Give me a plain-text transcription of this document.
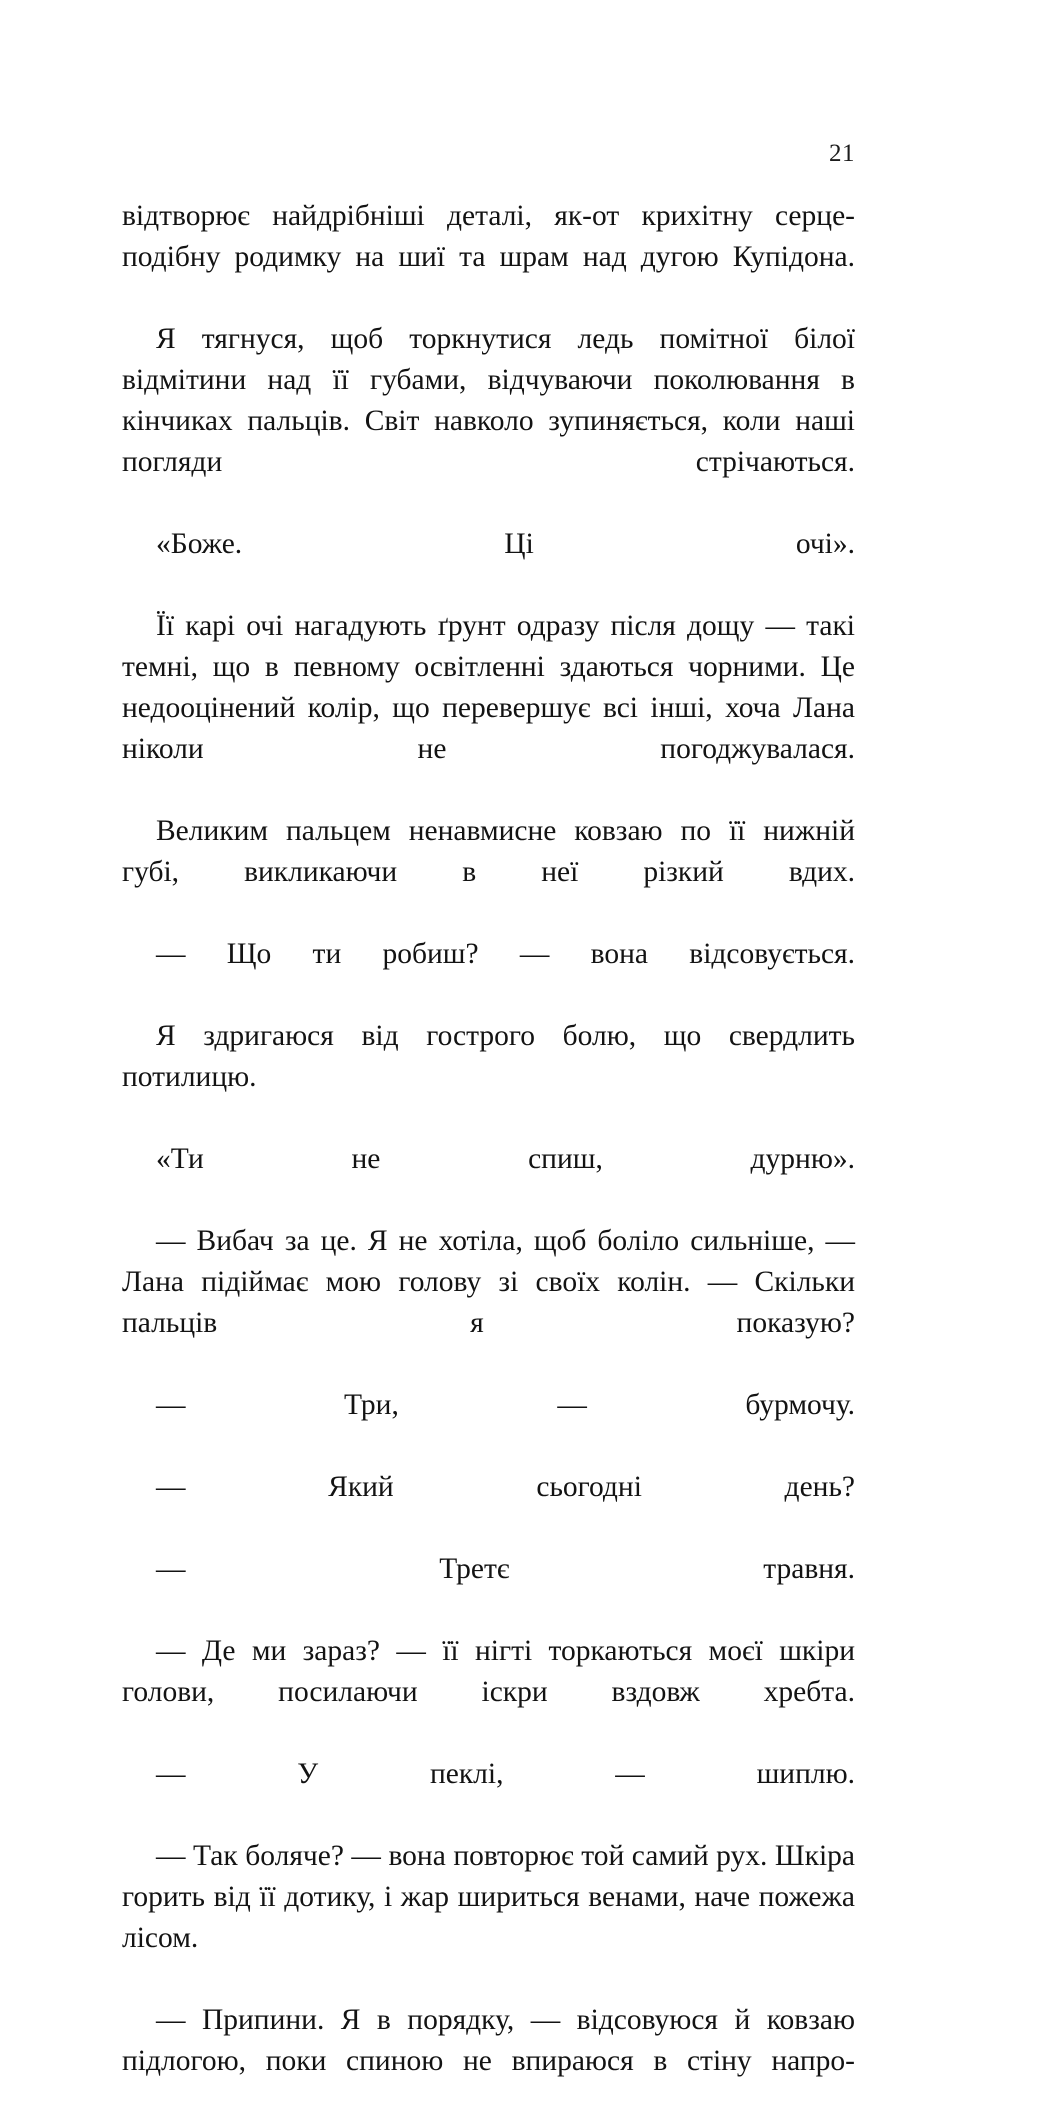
21

відтворює найдрібніші деталі, як-от крихітну серце-подібну родимку на шиї та шрам над дугою Купідона.

Я тягнуся, щоб торкнутися ледь помітної білої відмітини над її губами, відчуваючи поколювання в кінчиках пальців. Світ навколо зупиняється, коли наші погляди стрічаються.

«Боже. Ці очі».

Її карі очі нагадують ґрунт одразу після дощу — такі темні, що в певному освітленні здаються чорними. Це недооцінений колір, що перевершує всі інші, хоча Лана ніколи не погоджувалася.

Великим пальцем ненавмисне ковзаю по її нижній губі, викликаючи в неї різкий вдих.

— Що ти робиш? — вона відсовується.

Я здригаюся від гострого болю, що свердлить потилицю.

«Ти не спиш, дурню».

— Вибач за це. Я не хотіла, щоб боліло сильніше, — Лана підіймає мою голову зі своїх колін. — Скільки пальців я показую?

— Три, — бурмочу.

— Який сьогодні день?

— Третє травня.

— Де ми зараз? — її нігті торкаються моєї шкіри голови, посилаючи іскри вздовж хребта.

— У пеклі, — шиплю.

— Так боляче? — вона повторює той самий рух. Шкіра горить від її дотику, і жар шириться венами, наче пожежа лісом.

— Припини. Я в порядку, — відсовуюся й ковзаю підлогою, поки спиною не впираюся в стіну напро-
